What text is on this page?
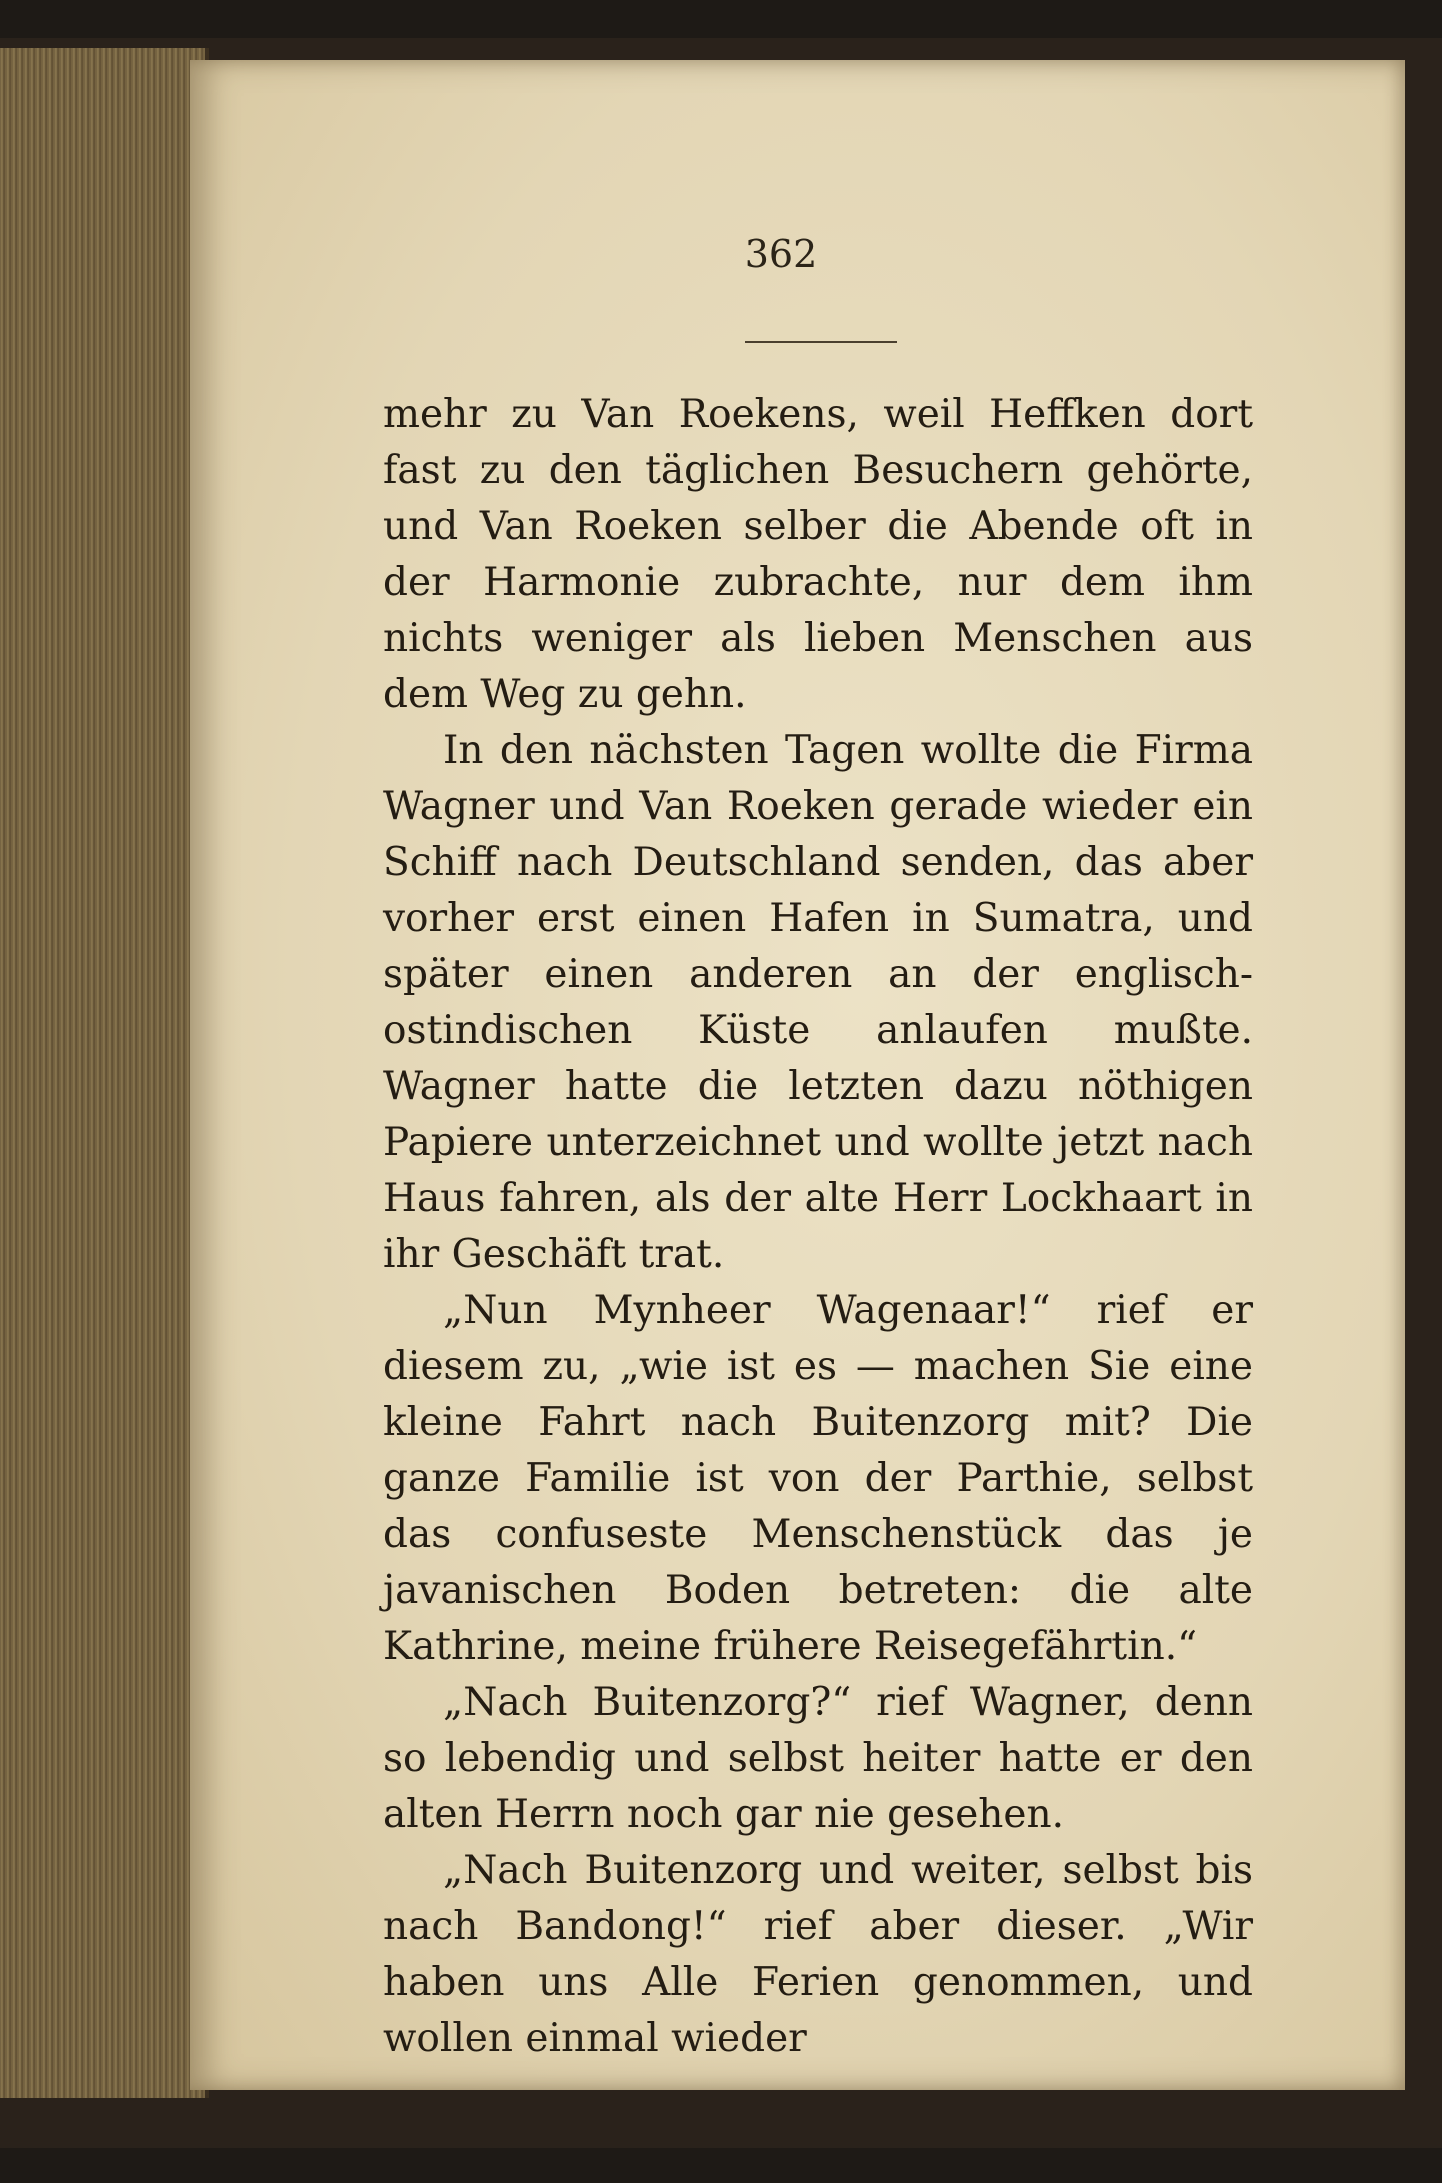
362

mehr zu Van Roekens, weil Heffken dort fast zu den täglichen Besuchern gehörte, und Van Roeken selber die Abende oft in der Harmonie zubrachte, nur dem ihm nichts weniger als lieben Menschen aus dem Weg zu gehn.

In den nächsten Tagen wollte die Firma Wagner und Van Roeken gerade wieder ein Schiff nach Deutschland senden, das aber vorher erst einen Hafen in Sumatra, und später einen anderen an der englisch-ostindischen Küste anlaufen mußte. Wagner hatte die letzten dazu nöthigen Papiere unterzeichnet und wollte jetzt nach Haus fahren, als der alte Herr Lockhaart in ihr Geschäft trat.

„Nun Mynheer Wagenaar!“ rief er diesem zu, „wie ist es — machen Sie eine kleine Fahrt nach Buitenzorg mit? Die ganze Familie ist von der Parthie, selbst das confuseste Menschenstück das je javanischen Boden betreten: die alte Kathrine, meine frühere Reisegefährtin.“

„Nach Buitenzorg?“ rief Wagner, denn so lebendig und selbst heiter hatte er den alten Herrn noch gar nie gesehen.

„Nach Buitenzorg und weiter, selbst bis nach Bandong!“ rief aber dieser. „Wir haben uns Alle Ferien genommen, und wollen einmal wieder
